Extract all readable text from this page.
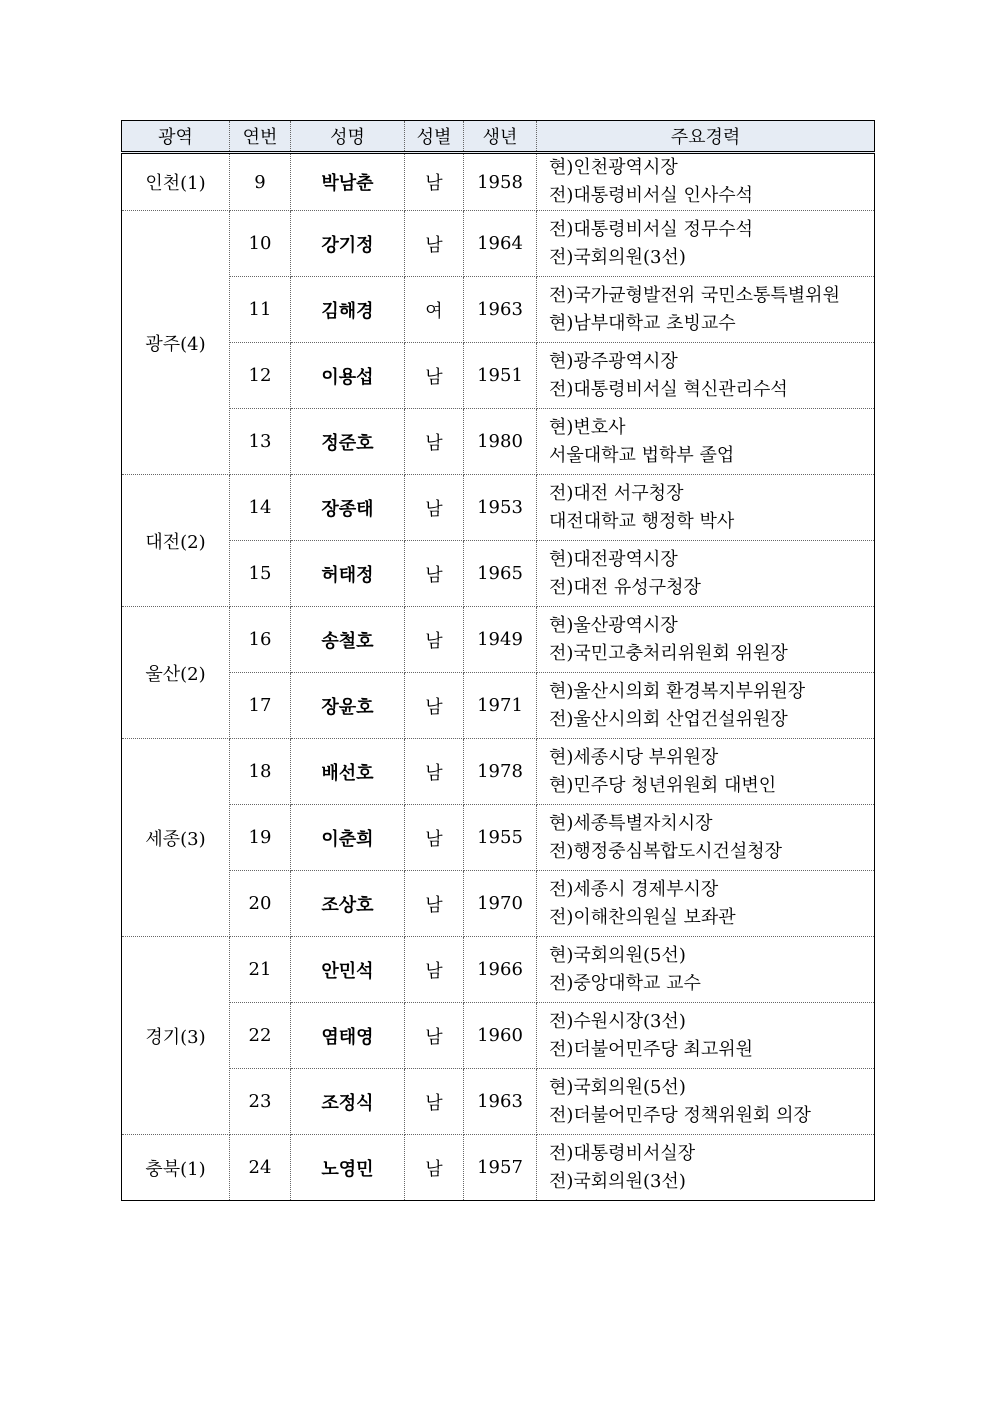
광역	연번	성명	성별	생년	주요경력
인천(1)	9	박남춘	남	1958	현)인천광역시장
전)대통령비서실 인사수석

광주(4)	10	강기정	남	1964	전)대통령비서실 정무수석
전)국회의원(3선)

	11	김해경	여	1963	전)국가균형발전위 국민소통특별위원
현)남부대학교 초빙교수

	12	이용섭	남	1951	현)광주광역시장
전)대통령비서실 혁신관리수석

	13	정준호	남	1980	현)변호사
서울대학교 법학부 졸업

대전(2)	14	장종태	남	1953	전)대전 서구청장
대전대학교 행정학 박사

	15	허태정	남	1965	현)대전광역시장
전)대전 유성구청장

울산(2)	16	송철호	남	1949	현)울산광역시장
전)국민고충처리위원회 위원장

	17	장윤호	남	1971	현)울산시의회 환경복지부위원장
전)울산시의회 산업건설위원장

세종(3)	18	배선호	남	1978	현)세종시당 부위원장
현)민주당 청년위원회 대변인

	19	이춘희	남	1955	현)세종특별자치시장
전)행정중심복합도시건설청장

	20	조상호	남	1970	전)세종시 경제부시장
전)이해찬의원실 보좌관

경기(3)	21	안민석	남	1966	현)국회의원(5선)
전)중앙대학교 교수

	22	염태영	남	1960	전)수원시장(3선)
전)더불어민주당 최고위원

	23	조정식	남	1963	현)국회의원(5선)
전)더불어민주당 정책위원회 의장

충북(1)	24	노영민	남	1957	전)대통령비서실장
전)국회의원(3선)
